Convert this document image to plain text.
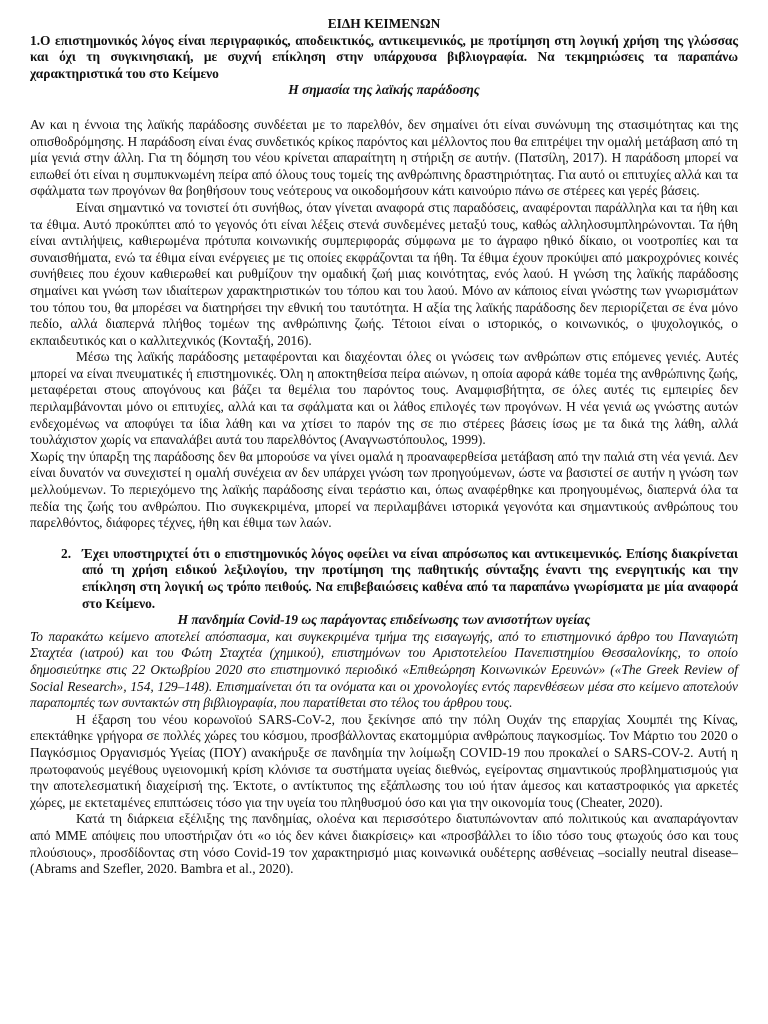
ΕΙΔΗ ΚΕΙΜΕΝΩΝ

1.Ο επιστημονικός λόγος είναι περιγραφικός, αποδεικτικός, αντικειμενικός, με προτίμηση στη λογική χρήση της γλώσσας και όχι τη συγκινησιακή, με συχνή επίκληση στην υπάρχουσα βιβλιογραφία. Να τεκμηριώσεις τα παραπάνω χαρακτηριστικά του στο Κείμενο

Η σημασία της λαϊκής παράδοσης

Αν και η έννοια της λαϊκής παράδοσης συνδέεται με το παρελθόν, δεν σημαίνει ότι είναι συνώνυμη της στασιμότητας και της οπισθοδρόμησης. Η παράδοση είναι ένας συνδετικός κρίκος παρόντος και μέλλοντος που θα επιτρέψει την ομαλή μετάβαση από τη μία γενιά στην άλλη. Για τη δόμηση του νέου κρίνεται απαραίτητη η στήριξη σε αυτήν. (Πατσίλη, 2017). Η παράδοση μπορεί να ειπωθεί ότι είναι η συμπυκνωμένη πείρα από όλους τους τομείς της ανθρώπινης δραστηριότητας. Για αυτό οι επιτυχίες αλλά και τα σφάλματα των προγόνων θα βοηθήσουν τους νεότερους να οικοδομήσουν κάτι καινούριο πάνω σε στέρεες και γερές βάσεις.

Είναι σημαντικό να τονιστεί ότι συνήθως, όταν γίνεται αναφορά στις παραδόσεις, αναφέρονται παράλληλα και τα ήθη και τα έθιμα. Αυτό προκύπτει από το γεγονός ότι είναι λέξεις στενά συνδεμένες μεταξύ τους, καθώς αλληλοσυμπληρώνονται. Τα ήθη είναι αντιλήψεις, καθιερωμένα πρότυπα κοινωνικής συμπεριφοράς σύμφωνα με το άγραφο ηθικό δίκαιο, οι νοοτροπίες και τα συναισθήματα, ενώ τα έθιμα είναι ενέργειες με τις οποίες εκφράζονται τα ήθη. Τα έθιμα έχουν προκύψει από μακροχρόνιες κοινές συνήθειες που έχουν καθιερωθεί και ρυθμίζουν την ομαδική ζωή μιας κοινότητας, ενός λαού. Η γνώση της λαϊκής παράδοσης σημαίνει και γνώση των ιδιαίτερων χαρακτηριστικών του τόπου και του λαού. Μόνο αν κάποιος είναι γνώστης των γνωρισμάτων του τόπου του, θα μπορέσει να διατηρήσει την εθνική του ταυτότητα. Η αξία της λαϊκής παράδοσης δεν περιορίζεται σε ένα μόνο πεδίο, αλλά διαπερνά πλήθος τομέων της ανθρώπινης ζωής. Τέτοιοι είναι ο ιστορικός, ο κοινωνικός, ο ψυχολογικός, ο εκπαιδευτικός και ο καλλιτεχνικός (Κονταξή, 2016).

Μέσω της λαϊκής παράδοσης μεταφέρονται και διαχέονται όλες οι γνώσεις των ανθρώπων στις επόμενες γενιές. Αυτές μπορεί να είναι πνευματικές ή επιστημονικές. Όλη η αποκτηθείσα πείρα αιώνων, η οποία αφορά κάθε τομέα της ανθρώπινης ζωής, μεταφέρεται στους απογόνους και βάζει τα θεμέλια του παρόντος τους. Αναμφισβήτητα, σε όλες αυτές τις εμπειρίες δεν περιλαμβάνονται μόνο οι επιτυχίες, αλλά και τα σφάλματα και οι λάθος επιλογές των προγόνων. Η νέα γενιά ως γνώστης αυτών ενδεχομένως να αποφύγει τα ίδια λάθη και να χτίσει το παρόν της σε πιο στέρεες βάσεις ίσως με τα δικά της λάθη, αλλά τουλάχιστον χωρίς να επαναλάβει αυτά του παρελθόντος (Αναγνωστόπουλος, 1999).

Χωρίς την ύπαρξη της παράδοσης δεν θα μπορούσε να γίνει ομαλά η προαναφερθείσα μετάβαση από την παλιά στη νέα γενιά. Δεν είναι δυνατόν να συνεχιστεί η ομαλή συνέχεια αν δεν υπάρχει γνώση των προηγούμενων, ώστε να βασιστεί σε αυτήν η γνώση των μελλούμενων. Το περιεχόμενο της λαϊκής παράδοσης είναι τεράστιο και, όπως αναφέρθηκε και προηγουμένως, διαπερνά όλα τα πεδία της ζωής του ανθρώπου. Πιο συγκεκριμένα, μπορεί να περιλαμβάνει ιστορικά γεγονότα και σημαντικούς ανθρώπους του παρελθόντος, διάφορες τέχνες, ήθη και έθιμα των λαών.

2. Έχει υποστηριχτεί ότι ο επιστημονικός λόγος οφείλει να είναι απρόσωπος και αντικειμενικός. Επίσης διακρίνεται από τη χρήση ειδικού λεξιλογίου, την προτίμηση της παθητικής σύνταξης έναντι της ενεργητικής και την επίκληση στη λογική ως τρόπο πειθούς. Να επιβεβαιώσεις καθένα από τα παραπάνω γνωρίσματα με μία αναφορά στο Κείμενο.

Η πανδημία Covid-19 ως παράγοντας επιδείνωσης των ανισοτήτων υγείας

Το παρακάτω κείμενο αποτελεί απόσπασμα, και συγκεκριμένα τμήμα της εισαγωγής, από το επιστημονικό άρθρο του Παναγιώτη Σταχτέα (ιατρού) και του Φώτη Σταχτέα (χημικού), επιστημόνων του Αριστοτελείου Πανεπιστημίου Θεσσαλονίκης, το οποίο δημοσιεύτηκε στις 22 Οκτωβρίου 2020 στο επιστημονικό περιοδικό «Επιθεώρηση Κοινωνικών Ερευνών» («The Greek Review of Social Research», 154, 129–148). Επισημαίνεται ότι τα ονόματα και οι χρονολογίες εντός παρενθέσεων μέσα στο κείμενο αποτελούν παραπομπές των συντακτών στη βιβλιογραφία, που παρατίθεται στο τέλος του άρθρου τους.

Η έξαρση του νέου κορωνοϊού SARS-CoV-2, που ξεκίνησε από την πόλη Ουχάν της επαρχίας Χουμπέι της Κίνας, επεκτάθηκε γρήγορα σε πολλές χώρες του κόσμου, προσβάλλοντας εκατομμύρια ανθρώπους παγκοσμίως. Τον Μάρτιο του 2020 ο Παγκόσμιος Οργανισμός Υγείας (ΠΟΥ) ανακήρυξε σε πανδημία την λοίμωξη COVID-19 που προκαλεί ο SARS-COV-2. Αυτή η πρωτοφανούς μεγέθους υγειονομική κρίση κλόνισε τα συστήματα υγείας διεθνώς, εγείροντας σημαντικούς προβληματισμούς για την αποτελεσματική διαχείρισή της. Έκτοτε, ο αντίκτυπος της εξάπλωσης του ιού ήταν άμεσος και καταστροφικός για αρκετές χώρες, με εκτεταμένες επιπτώσεις τόσο για την υγεία του πληθυσμού όσο και για την οικονομία τους (Cheater, 2020).

Κατά τη διάρκεια εξέλιξης της πανδημίας, ολοένα και περισσότερο διατυπώνονταν από πολιτικούς και αναπαράγονταν από ΜΜΕ απόψεις που υποστήριζαν ότι «ο ιός δεν κάνει διακρίσεις» και «προσβάλλει το ίδιο τόσο τους φτωχούς όσο και τους πλούσιους», προσδίδοντας στη νόσο Covid-19 τον χαρακτηρισμό μιας κοινωνικά ουδέτερης ασθένειας –socially neutral disease–(Abrams and Szefler, 2020. Bambra et al., 2020).
